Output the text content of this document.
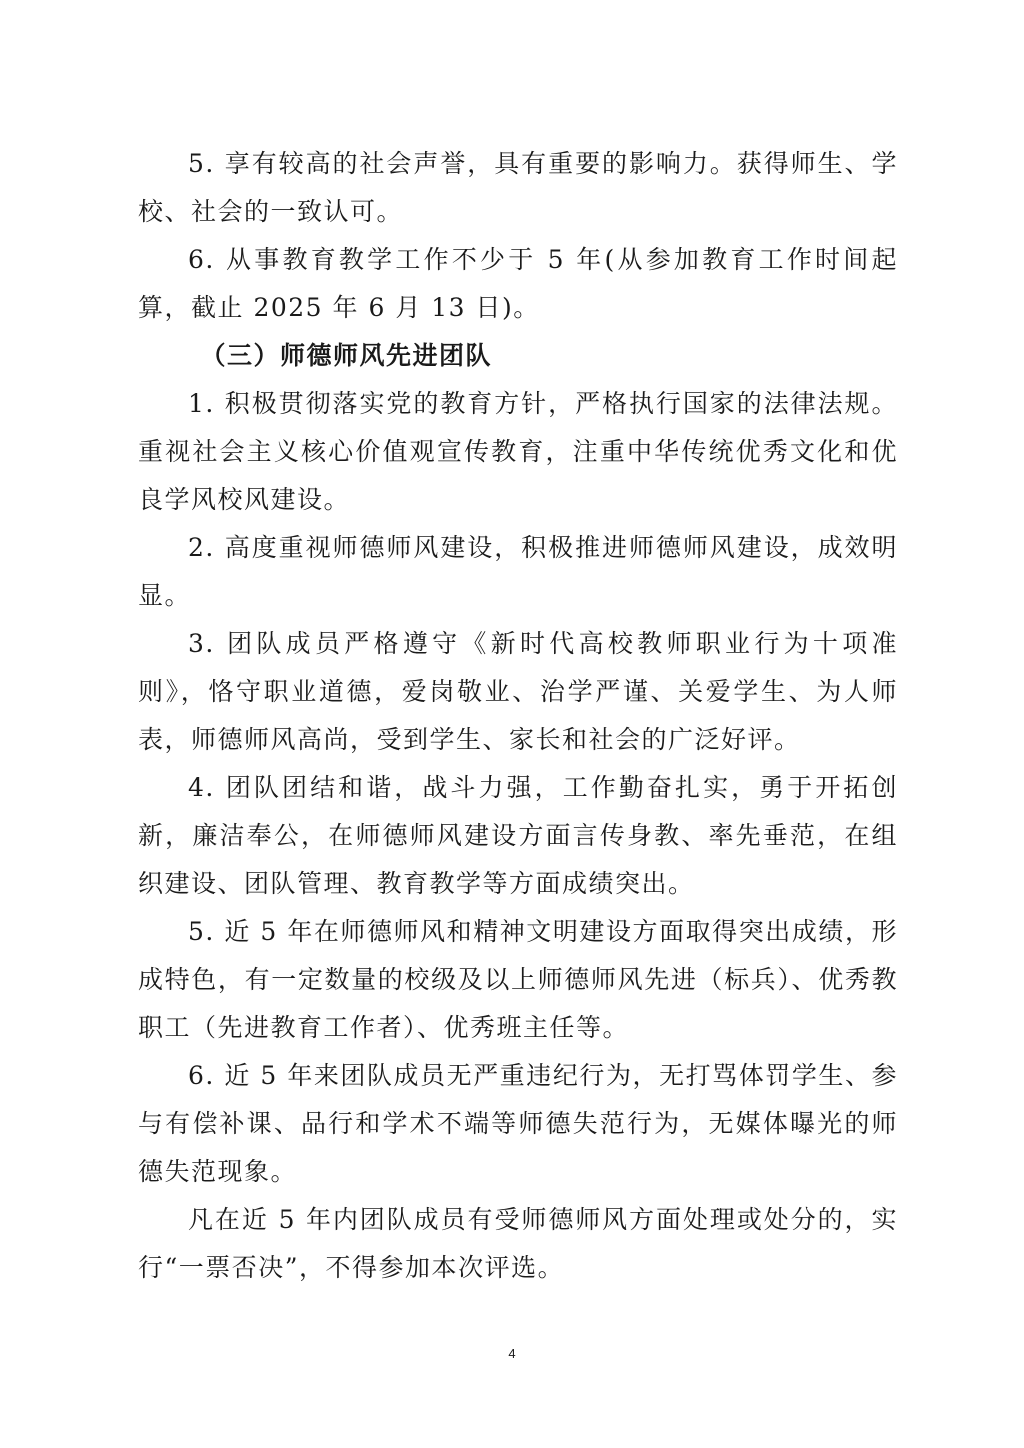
5. 享有较高的社会声誉，具有重要的影响力。获得师生、学校、社会的一致认可。

6. 从事教育教学工作不少于 5 年(从参加教育工作时间起算，截止 2025 年 6 月 13 日)。

（三）师德师风先进团队

1. 积极贯彻落实党的教育方针，严格执行国家的法律法规。重视社会主义核心价值观宣传教育，注重中华传统优秀文化和优良学风校风建设。

2. 高度重视师德师风建设，积极推进师德师风建设，成效明显。

3. 团队成员严格遵守《新时代高校教师职业行为十项准则》，恪守职业道德，爱岗敬业、治学严谨、关爱学生、为人师表，师德师风高尚，受到学生、家长和社会的广泛好评。

4. 团队团结和谐，战斗力强，工作勤奋扎实，勇于开拓创新，廉洁奉公，在师德师风建设方面言传身教、率先垂范，在组织建设、团队管理、教育教学等方面成绩突出。

5. 近 5 年在师德师风和精神文明建设方面取得突出成绩，形成特色，有一定数量的校级及以上师德师风先进（标兵）、优秀教职工（先进教育工作者）、优秀班主任等。

6. 近 5 年来团队成员无严重违纪行为，无打骂体罚学生、参与有偿补课、品行和学术不端等师德失范行为，无媒体曝光的师德失范现象。

凡在近 5 年内团队成员有受师德师风方面处理或处分的，实行“一票否决”，不得参加本次评选。

4
